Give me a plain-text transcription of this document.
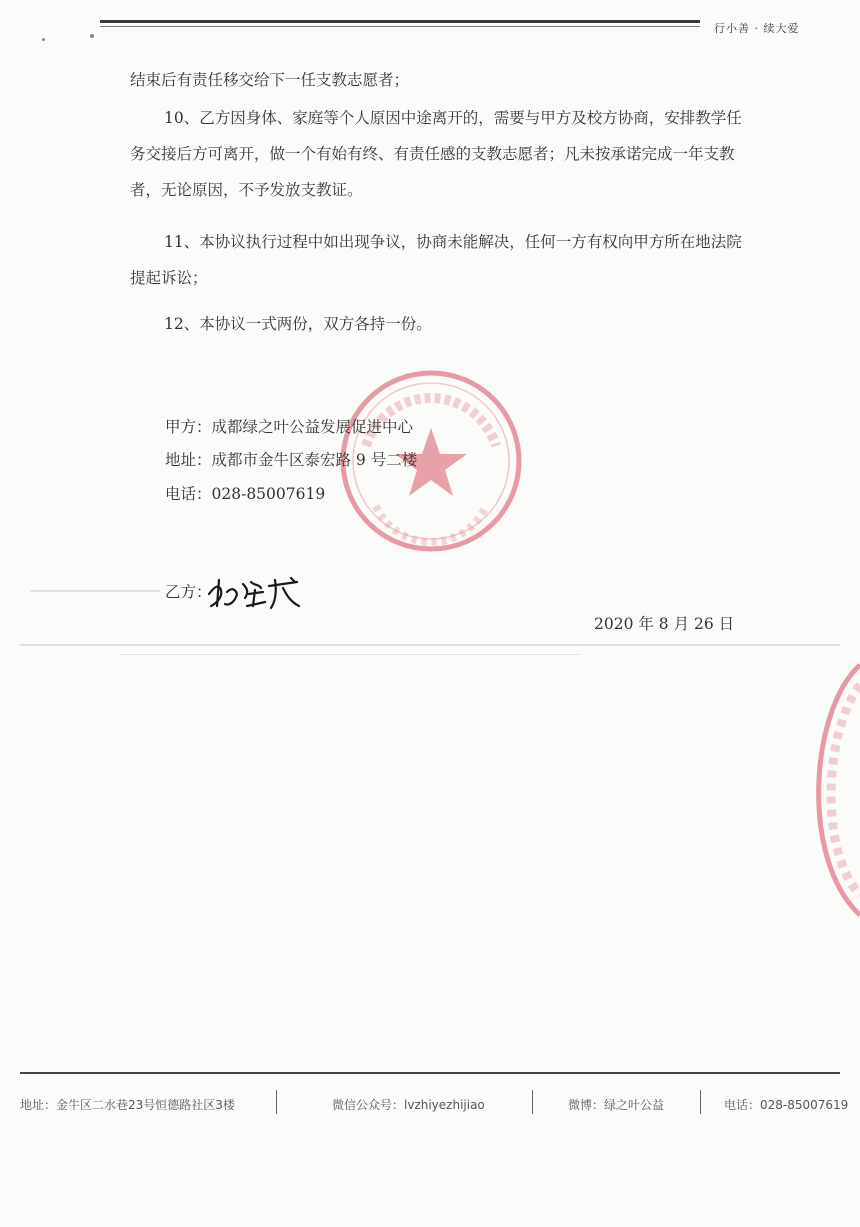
行小善 · 续大爱

结束后有责任移交给下一任支教志愿者；

10、乙方因身体、家庭等个人原因中途离开的，需要与甲方及校方协商，安排教学任务交接后方可离开，做一个有始有终、有责任感的支教志愿者；凡未按承诺完成一年支教者，无论原因，不予发放支教证。

11、本协议执行过程中如出现争议，协商未能解决，任何一方有权向甲方所在地法院提起诉讼；

12、本协议一式两份，双方各持一份。

甲方：成都绿之叶公益发展促进中心
地址：成都市金牛区泰宏路 9 号二楼
电话：028-85007619
乙方：
2020 年 8 月 26 日
地址：金牛区二水巷23号恒德路社区3楼	微信公众号：lvzhiyezhijiao	微博：绿之叶公益	电话：028-85007619
